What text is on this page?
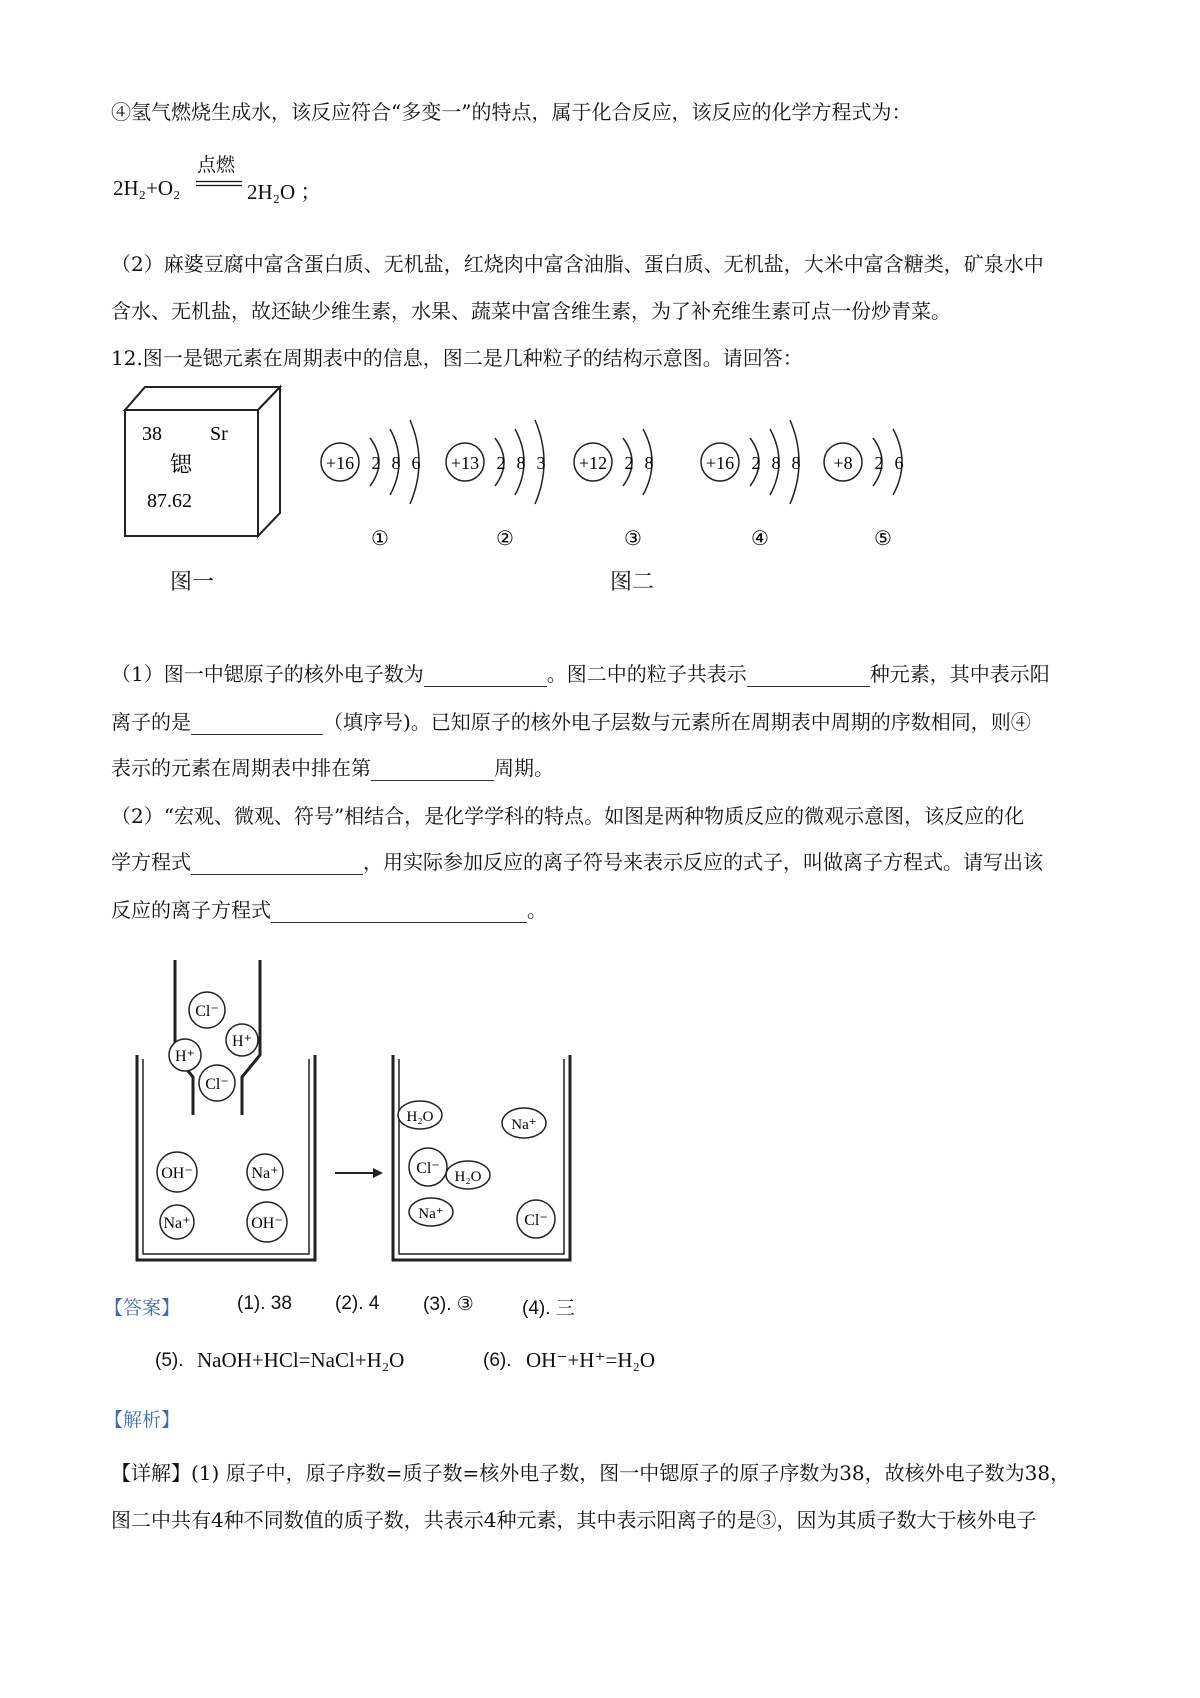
④氢气燃烧生成水，该反应符合“多变一”的特点，属于化合反应，该反应的化学方程式为：
2H₂+O₂
点燃
2H₂O ；
（2）麻婆豆腐中富含蛋白质、无机盐，红烧肉中富含油脂、蛋白质、无机盐，大米中富含糖类，矿泉水中
含水、无机盐，故还缺少维生素，水果、蔬菜中富含维生素，为了补充维生素可点一份炒青菜。
12.图一是锶元素在周期表中的信息，图二是几种粒子的结构示意图。请回答：
38 Sr
锶
87.62
图一
+16 2 8 6
①
+13 2 8 3
②
+12 2 8
③
+16 2 8 8
④
+8 2 6
⑤
图二
（1）图一中锶原子的核外电子数为	。图二中的粒子共表示	种元素，其中表示阳
离子的是	（填序号)。已知原子的核外电子层数与元素所在周期表中周期的序数相同，则④
表示的元素在周期表中排在第	周期。
（2）“宏观、微观、符号”相结合，是化学学科的特点。如图是两种物质反应的微观示意图，该反应的化
学方程式	，用实际参加反应的离子符号来表示反应的式子，叫做离子方程式。请写出该
反应的离子方程式	。
Cl⁻
H⁺
H⁺
Cl⁻
OH⁻	Na⁺
Na⁺	OH⁻
H₂O	Na⁺
Cl⁻ H₂O
Na⁺	Cl⁻
【答案】	(1). 38 (2). 4 (3). ③	(4). 三
(5). NaOH+HCl=NaCl+H₂O	(6). OH⁻+H⁺=H₂O
【解析】
【详解】(1) 原子中，原子序数=质子数=核外电子数，图一中锶原子的原子序数为38，故核外电子数为38，
图二中共有4种不同数值的质子数，共表示4种元素，其中表示阳离子的是③，因为其质子数大于核外电子
